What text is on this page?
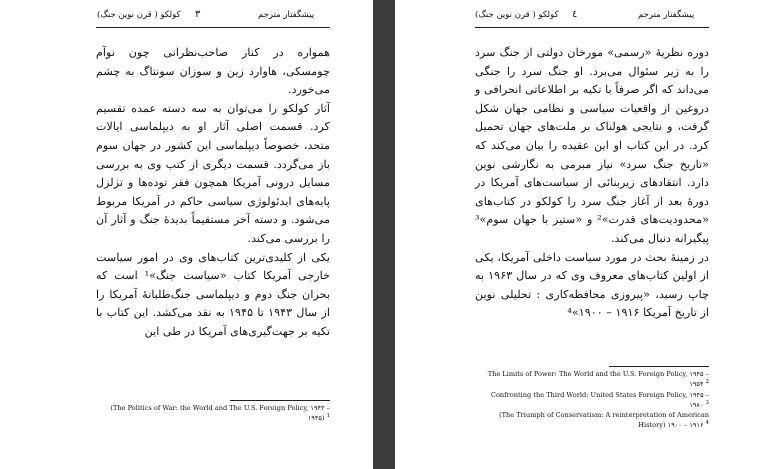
کولکو ( قرن نوین جنگ) ۳	پیشگفتار مترجم

همواره در کنار صاحب‌نظرانی چون نوآم چومسکی، هاوارد زین و سوزان سونتاگ به چشم می‌خورد.

آثار کولکو را می‌توان به سه دسته عمده تقسیم کرد. قسمت اصلی آثار او به دیپلماسی ایالات متحد، خصوصاً دیپلماسی این کشور در جهان سوم باز می‌گردد. قسمت دیگری از کتب وی به بررسی مسایل درونی آمریکا همچون فقر توده‌ها و تزلزل پایه‌های ایدئولوژی سیاسی حاکم در آمریکا مربوط می‌شود. و دسته آخر مستقیماً بدیدهٔ جنگ و آثار آن را بررسی می‌کند.

یکی از کلیدی‌ترین کتاب‌های وی در امور سیاست خارجی آمریکا کتاب «سیاست جنگ»¹ است که بحران جنگ دوم و دیپلماسی جنگ‌طلبانهٔ آمریکا را از سال ۱۹۴۳ تا ۱۹۴۵ به نقد می‌کشد. این کتاب با تکیه بر جهت‌گیری‌های آمریکا در طی این

(The Politics of War: the World and The U.S. Foreign Policy, ۱۹۴۳ – ۱۹۴۵) $^1$
کولکو ( قرن نوین جنگ) ٤	پیشگفتار مترجم

دوره نظریهٔ «رسمی» مورخان دولتی از جنگ سرد را به زیر سئوال می‌برد. او جنگ سرد را جنگی می‌داند که اگر صرفاً با تکیه بر اطلاعاتی انحرافی و دروغین از واقعیات سیاسی و نظامی جهان شکل گرفت، و نتایجی هولناک بر ملت‌های جهان تحمیل کرد. در این کتاب او این عقیده را بیان می‌کند که «تاریخ جنگ سرد» نیاز مبرمی به نگارشی نوین دارد. انتقادهای زیربنائی از سیاست‌های آمریکا در دورهٔ بعد از آغاز جنگ سرد را کولکو در کتاب‌های «محدودیت‌های قدرت»² و «ستیز با جهان سوم»³ پیگیرانه دنبال می‌کند.

در زمینهٔ بحث در مورد سیاست داخلی آمریکا، یکی از اولین کتاب‌های معروف وی که در سال ۱۹۶۳ به چاپ رسید، «پیروزی محافظه‌کاری : تحلیلی نوین از تاریخ آمریکا ۱۹۱۶ – ۱۹۰۰»⁴

The Limits of Power: The World and the U.S. Foreign Policy, ۱۹۴۵ – ۱۹۵۴ $^2$
Confronting the Third World: United States Foreign Policy, ۱۹۴۵ – ۱۹۸۰ $^3$
(The Triumph of Conservatism: A reinterpretation of American History) ۱۹۰۰ – ۱۹۱۶ $^4$
